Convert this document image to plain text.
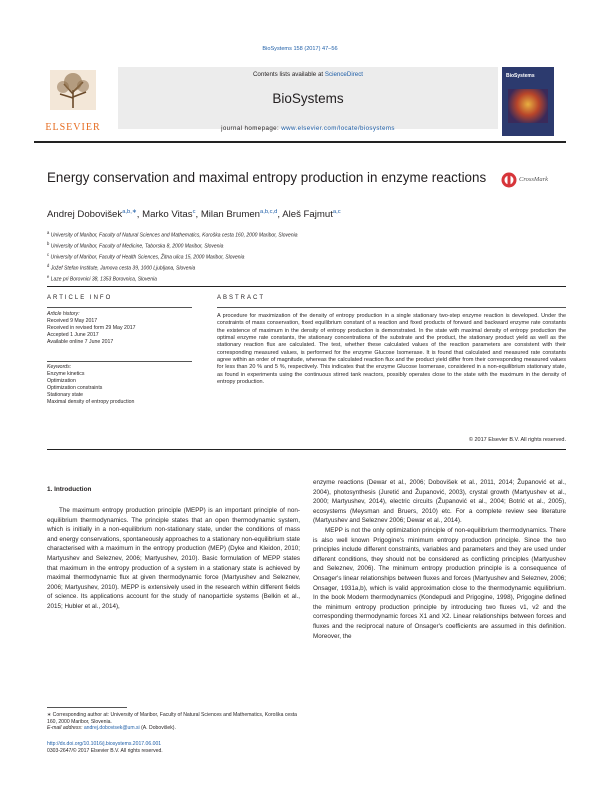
BioSystems 158 (2017) 47–56
ELSEVIER
Contents lists available at ScienceDirect
BioSystems
journal homepage: www.elsevier.com/locate/biosystems
BioSystems
Energy conservation and maximal entropy production in enzyme reactions	CrossMark
Andrej Dobovišek$^{a,b,∗}$, Marko Vitas$^c$, Milan Brumen$^{a,b,c,d}$, Aleš Fajmut$^{a,c}$
$^a$ University of Maribor, Faculty of Natural Sciences and Mathematics, Koroška cesta 160, 2000 Maribor, Slovenia
$^b$ University of Maribor, Faculty of Medicine, Taborska 8, 2000 Maribor, Slovenia
$^c$ University of Maribor, Faculty of Health Sciences, Žitna ulica 15, 2000 Maribor, Slovenia
$^d$ Jožef Stefan Institute, Jamova cesta 39, 1000 Ljubljana, Slovenia
$^e$ Laze pri Borovnici 38, 1353 Borovnica, Slovenia
ARTICLE INFO
Article history:
Received 9 May 2017
Received in revised form 29 May 2017
Accepted 1 June 2017
Available online 7 June 2017
Keywords:
Enzyme kinetics
Optimization
Optimization constraints
Stationary state
Maximal density of entropy production
ABSTRACT
A procedure for maximization of the density of entropy production in a single stationary two-step enzyme reaction is developed. Under the constraints of mass conservation, fixed equilibrium constant of a reaction and fixed products of forward and backward enzyme rate constants the existence of maximum in the density of entropy production is demonstrated. In the state with maximal density of entropy production the optimal enzyme rate constants, the stationary concentrations of the substrate and the product, the stationary product yield as well as the stationary reaction flux are calculated. The test, whether these calculated values of the reaction parameters are consistent with their corresponding measured values, is performed for the enzyme Glucose Isomerase. It is found that calculated and measured rate constants agree within an order of magnitude, whereas the calculated reaction flux and the product yield differ from their corresponding measured values for less than 20 % and 5 %, respectively. This indicates that the enzyme Glucose Isomerase, considered in a non-equilibrium stationary state, as found in experiments using the continuous stirred tank reactors, possibly operates close to the state with the maximum in the density of entropy production.
© 2017 Elsevier B.V. All rights reserved.
1. Introduction

The maximum entropy production principle (MEPP) is an important principle of non-equilibrium thermodynamics. The principle states that an open thermodynamic system, which is initially in a non-equilibrium non-stationary state, under the conditions of mass and energy conservations, spontaneously approaches to a stationary non-equilibrium state characterised with a maximum in the entropy production (MEP) (Dyke and Kleidon, 2010; Martyushev and Seleznev, 2006; Martyushev, 2010). Basic formulation of MEPP states that maximum in the entropy production of a system in a stationary state is achieved by maximal thermodynamic flux at given thermodynamic force (Martyushev and Seleznev, 2006; Martyushev, 2010). MEPP is extensively used in the research within different fields of science. Its applications account for the study of nanoparticle systems (Belkin et al., 2015; Hubler et al., 2014),

enzyme reactions (Dewar et al., 2006; Dobovišek et al., 2011, 2014; Županović et al., 2004), photosynthesis (Juretić and Županović, 2003), crystal growth (Martyushev et al., 2000; Martyushev, 2014), electric circuits (Županović et al., 2004; Botrić et al., 2005), ecosystems (Meysman and Bruers, 2010) etc. For a complete review see literature (Martyushev and Seleznev 2006; Dewar et al., 2014).

MEPP is not the only optimization principle of non-equilibrium thermodynamics. There is also well known Prigogine's minimum entropy production principle. Since the two principles include different constraints, variables and parameters and they are used under different conditions, they should not be considered as conflicting principles (Martyushev and Seleznev, 2006). The minimum entropy production principle is a consequence of Onsager's linear relationships between fluxes and forces (Martyushev and Seleznev, 2006; Onsager, 1931a,b), which is valid approximation close to the thermodynamic equilibrium. In the book Modern thermodynamics (Kondepudi and Prigogine, 1998), Prigogine defined the minimum entropy production principle by introducing two fluxes v1, v2 and the corresponding thermodynamic forces X1 and X2. Linear relationships between forces and fluxes and the reciprocal nature of Onsager's coefficients are assumed in this definition. Moreover, the

∗ Corresponding author at: University of Maribor, Faculty of Natural Sciences and Mathematics, Koroška cesta 160, 2000 Maribor, Slovenia.
E-mail address: andrej.dobovisek@um.si (A. Dobovišek).
http://dx.doi.org/10.1016/j.biosystems.2017.06.001
0303-2647/© 2017 Elsevier B.V. All rights reserved.
